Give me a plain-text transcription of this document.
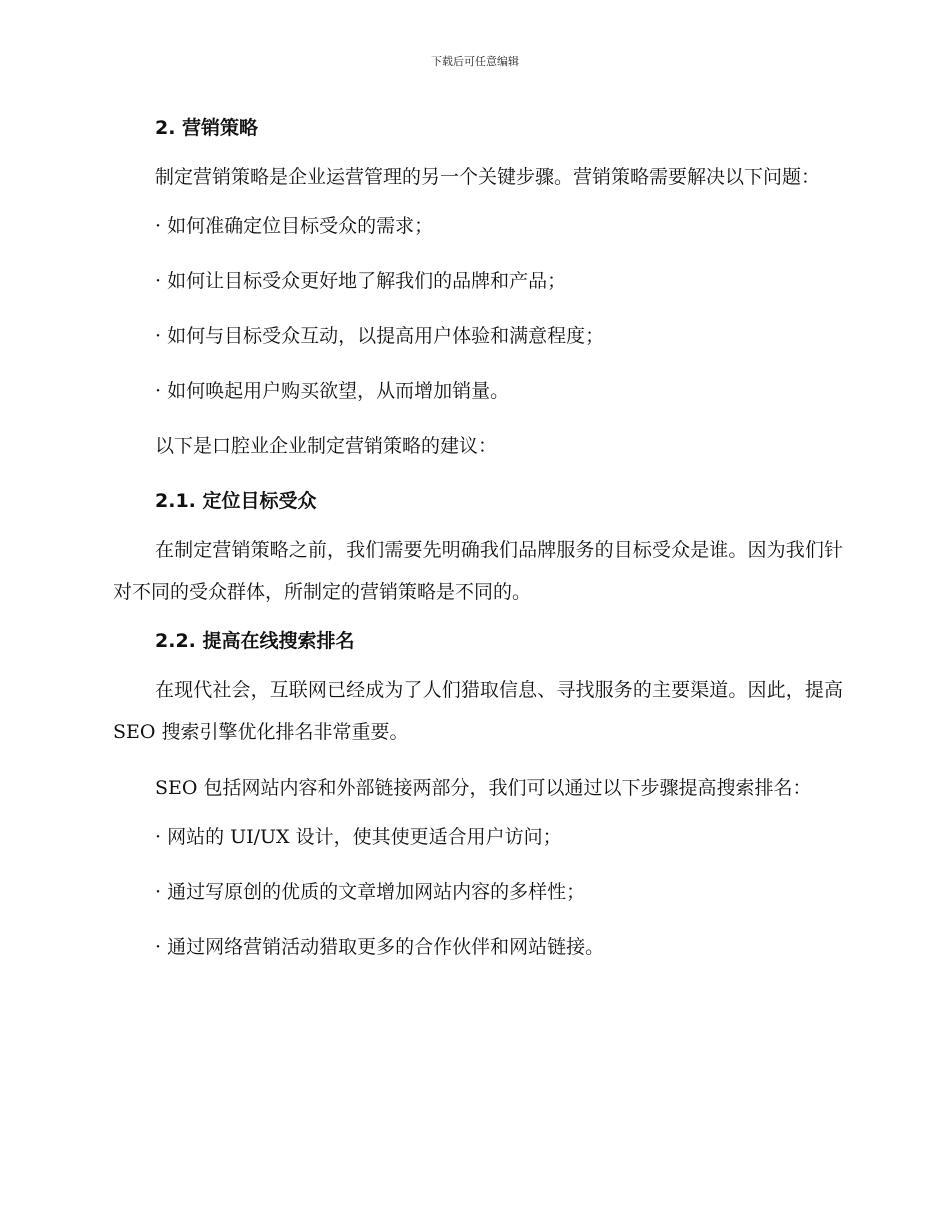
下载后可任意编辑
2. 营销策略

制定营销策略是企业运营管理的另一个关键步骤。营销策略需要解决以下问题：

· 如何准确定位目标受众的需求；
· 如何让目标受众更好地了解我们的品牌和产品；
· 如何与目标受众互动，以提高用户体验和满意程度；
· 如何唤起用户购买欲望，从而增加销量。
以下是口腔业企业制定营销策略的建议：
2.1. 定位目标受众

在制定营销策略之前，我们需要先明确我们品牌服务的目标受众是谁。因为我们针对不同的受众群体，所制定的营销策略是不同的。

2.2. 提高在线搜索排名

在现代社会，互联网已经成为了人们猎取信息、寻找服务的主要渠道。因此，提高 SEO 搜索引擎优化排名非常重要。

SEO 包括网站内容和外部链接两部分，我们可以通过以下步骤提高搜索排名：

· 网站的 UI/UX 设计，使其使更适合用户访问；
· 通过写原创的优质的文章增加网站内容的多样性；
· 通过网络营销活动猎取更多的合作伙伴和网站链接。
